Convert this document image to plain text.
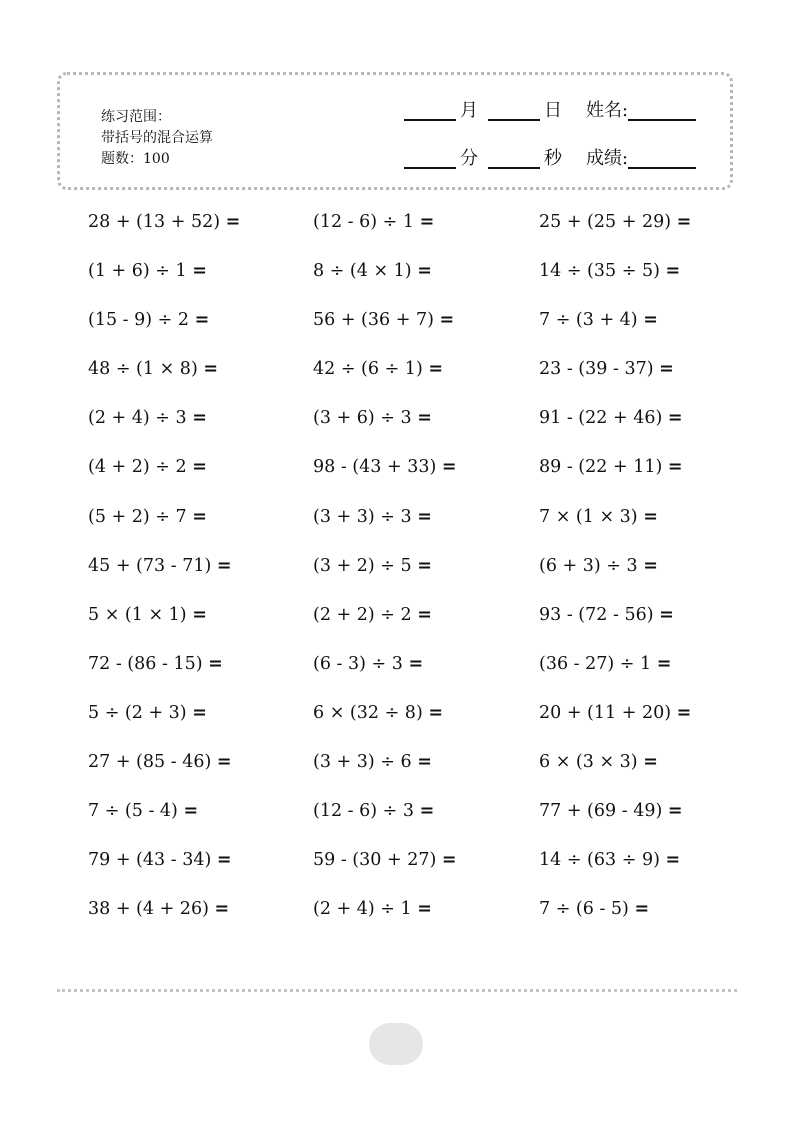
练习范围：
带括号的混合运算
题数： 100
月	日 姓名:
分	秒 成绩:
28 + (13 + 52) =	(12 - 6) ÷ 1 =	25 + (25 + 29) =
(1 + 6) ÷ 1 =	8 ÷ (4 × 1) =	14 ÷ (35 ÷ 5) =
(15 - 9) ÷ 2 =	56 + (36 + 7) =	7 ÷ (3 + 4) =
48 ÷ (1 × 8) =	42 ÷ (6 ÷ 1) =	23 - (39 - 37) =
(2 + 4) ÷ 3 =	(3 + 6) ÷ 3 =	91 - (22 + 46) =
(4 + 2) ÷ 2 =	98 - (43 + 33) =	89 - (22 + 11) =
(5 + 2) ÷ 7 =	(3 + 3) ÷ 3 =	7 × (1 × 3) =
45 + (73 - 71) =	(3 + 2) ÷ 5 =	(6 + 3) ÷ 3 =
5 × (1 × 1) =	(2 + 2) ÷ 2 =	93 - (72 - 56) =
72 - (86 - 15) =	(6 - 3) ÷ 3 =	(36 - 27) ÷ 1 =
5 ÷ (2 + 3) =	6 × (32 ÷ 8) =	20 + (11 + 20) =
27 + (85 - 46) =	(3 + 3) ÷ 6 =	6 × (3 × 3) =
7 ÷ (5 - 4) =	(12 - 6) ÷ 3 =	77 + (69 - 49) =
79 + (43 - 34) =	59 - (30 + 27) =	14 ÷ (63 ÷ 9) =
38 + (4 + 26) =	(2 + 4) ÷ 1 =	7 ÷ (6 - 5) =
